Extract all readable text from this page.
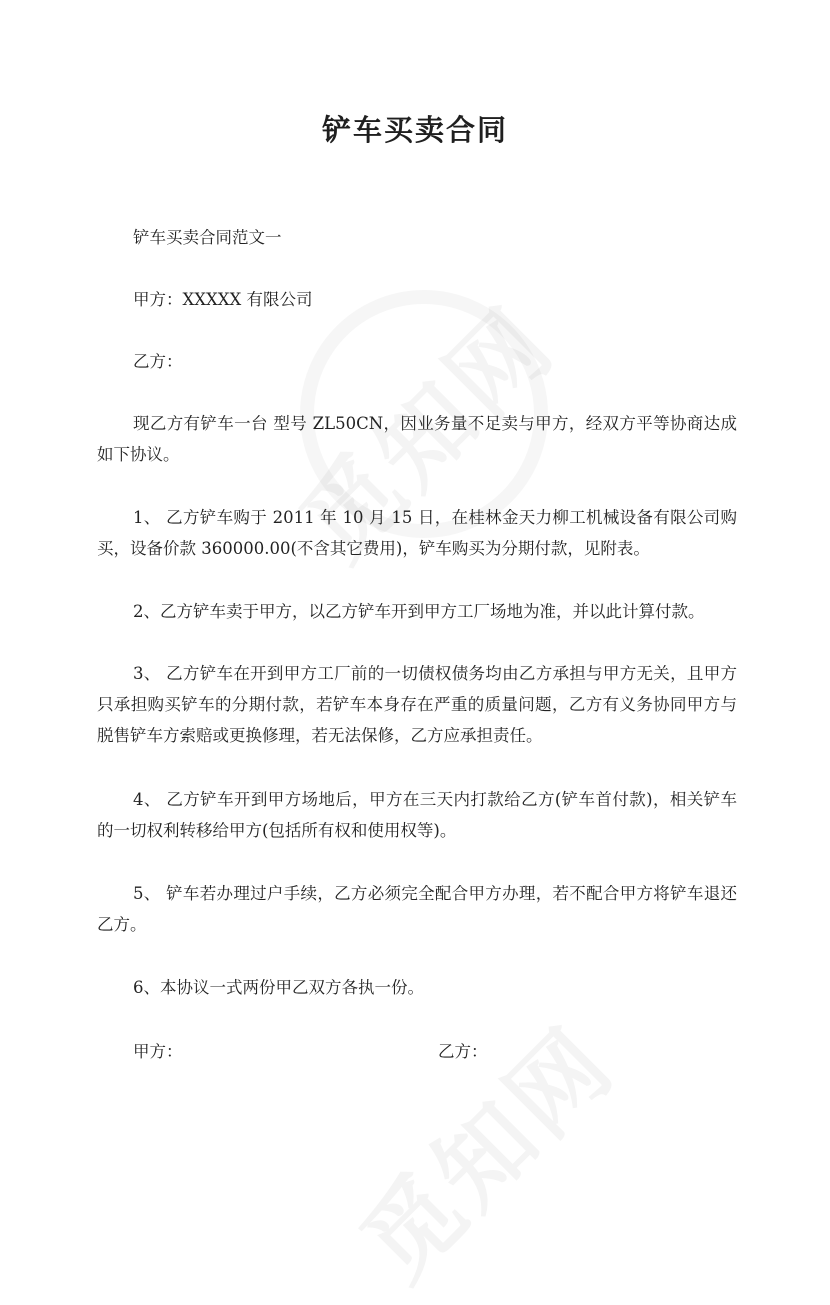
铲车买卖合同
铲车买卖合同范文一
甲方：XXXXX 有限公司
乙方：
现乙方有铲车一台 型号 ZL50CN，因业务量不足卖与甲方，经双方平等协商达成如下协议。
1、 乙方铲车购于 2011 年 10 月 15 日，在桂林金天力柳工机械设备有限公司购买，设备价款 360000.00(不含其它费用)，铲车购买为分期付款，见附表。
2、乙方铲车卖于甲方，以乙方铲车开到甲方工厂场地为准，并以此计算付款。
3、 乙方铲车在开到甲方工厂前的一切债权债务均由乙方承担与甲方无关，且甲方只承担购买铲车的分期付款，若铲车本身存在严重的质量问题，乙方有义务协同甲方与脱售铲车方索赔或更换修理，若无法保修，乙方应承担责任。
4、 乙方铲车开到甲方场地后，甲方在三天内打款给乙方(铲车首付款)，相关铲车的一切权利转移给甲方(包括所有权和使用权等)。
5、 铲车若办理过户手续，乙方必须完全配合甲方办理，若不配合甲方将铲车退还乙方。
6、本协议一式两份甲乙双方各执一份。
甲方：	乙方：
